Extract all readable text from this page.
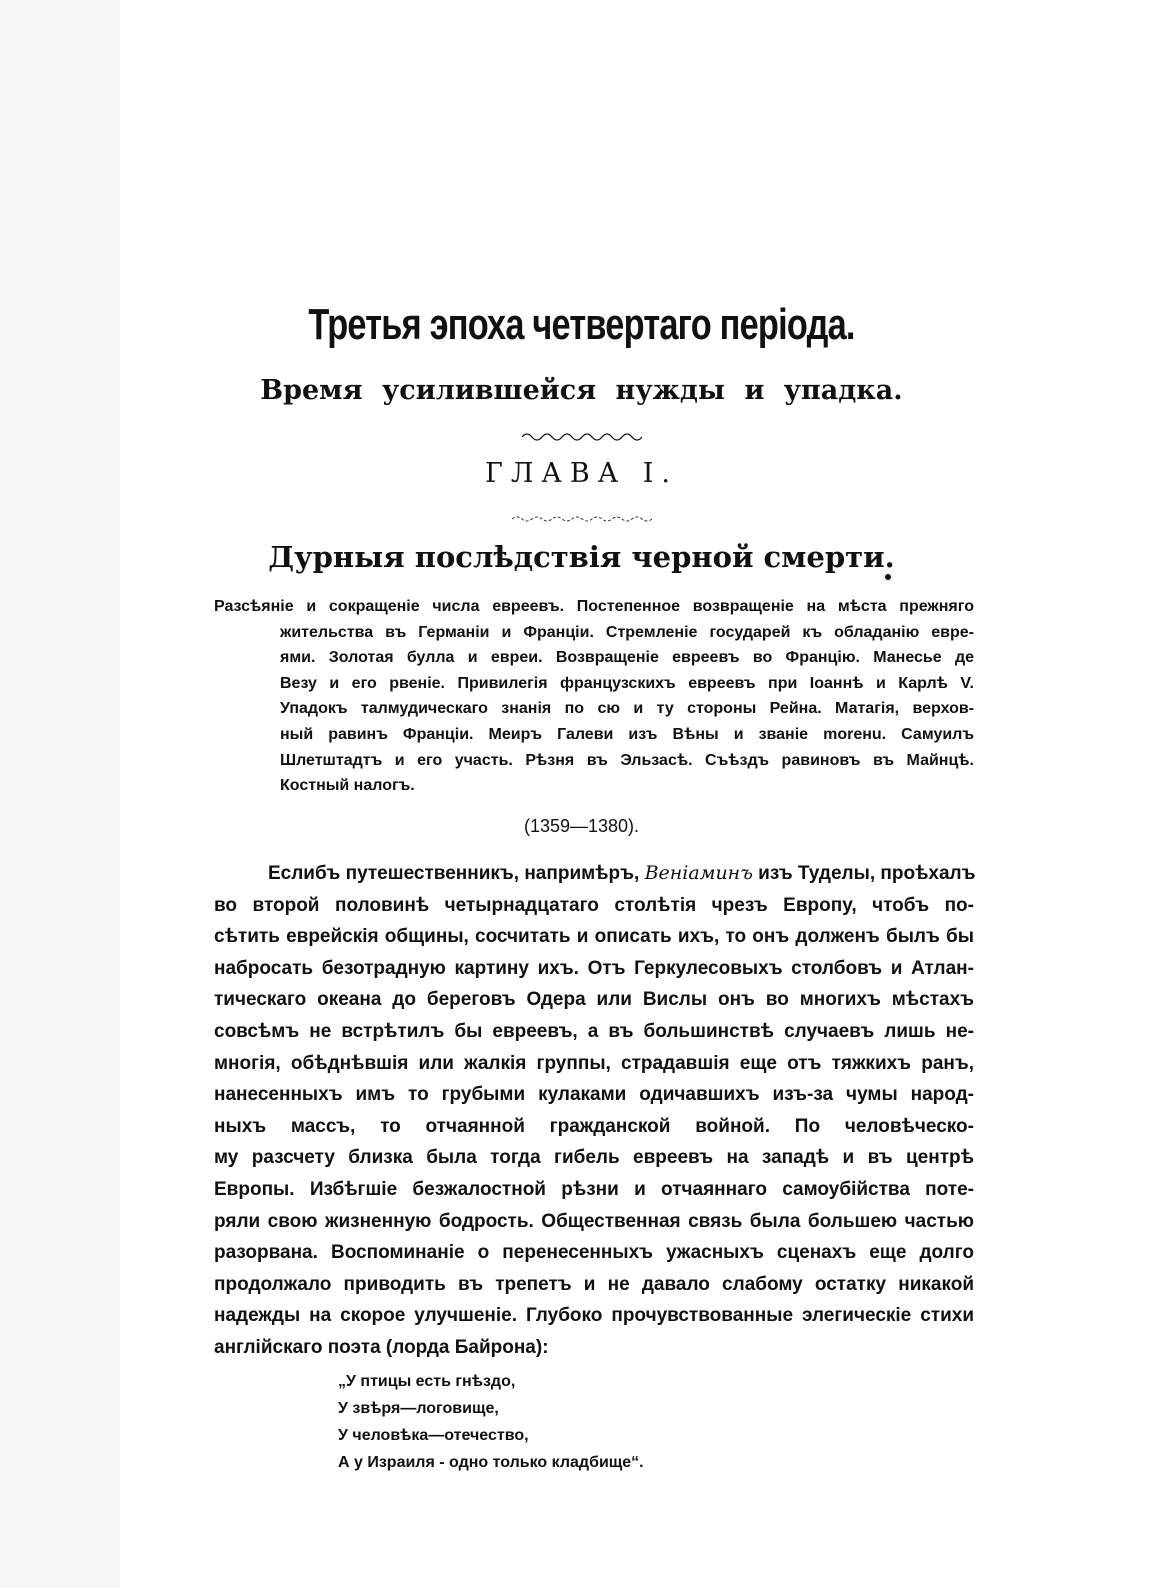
Третья эпоха четвертаго періода.
Время усилившейся нужды и упадка.
ГЛАВА I.
Дурныя послѣдствія черной смерти.
Разсѣяніе и сокращеніе числа евреевъ. Постепенное возвращеніе на мѣста прежняго
жительства въ Германіи и Франціи. Стремленіе государей къ обладанію евре-
ями. Золотая булла и евреи. Возвращеніе евреевъ во Францію. Манесье де
Везу и его рвеніе. Привилегія французскихъ евреевъ при Іоаннѣ и Карлѣ V.
Упадокъ талмудическаго знанія по сю и ту стороны Рейна. Матагія, верхов-
ный равинъ Франціи. Меиръ Галеви изъ Вѣны и званіе moreнu. Самуилъ
Шлетштадтъ и его участь. Рѣзня въ Эльзасѣ. Съѣздъ равиновъ въ Майнцѣ.
Костный налогъ.
(1359—1380).
Еслибъ путешественникъ, напримѣръ, Веніаминъ изъ Туделы, проѣхалъ
во второй половинѣ четырнадцатаго столѣтія чрезъ Европу, чтобъ по-
сѣтить еврейскія общины, сосчитать и описать ихъ, то онъ долженъ былъ бы
набросать безотрадную картину ихъ. Отъ Геркулесовыхъ столбовъ и Атлан-
тическаго океана до береговъ Одера или Вислы онъ во многихъ мѣстахъ
совсѣмъ не встрѣтилъ бы евреевъ, а въ большинствѣ случаевъ лишь не-
многія, обѣднѣвшія или жалкія группы, страдавшія еще отъ тяжкихъ ранъ,
нанесенныхъ имъ то грубыми кулаками одичавшихъ изъ-за чумы народ-
ныхъ массъ, то отчаянной гражданской войной. По человѣческо-
му разсчету близка была тогда гибель евреевъ на западѣ и въ центрѣ
Европы. Избѣгшіе безжалостной рѣзни и отчаяннаго самоубійства поте-
ряли свою жизненную бодрость. Общественная связь была большею частью
разорвана. Воспоминаніе о перенесенныхъ ужасныхъ сценахъ еще долго
продолжало приводить въ трепетъ и не давало слабому остатку никакой
надежды на скорое улучшеніе. Глубоко прочувствованные элегическіе стихи
англійскаго поэта (лорда Байрона):
„У птицы есть гнѣздо,
У звѣря—логовище,
У человѣка—отечество,
А у Израиля - одно только кладбище“.
